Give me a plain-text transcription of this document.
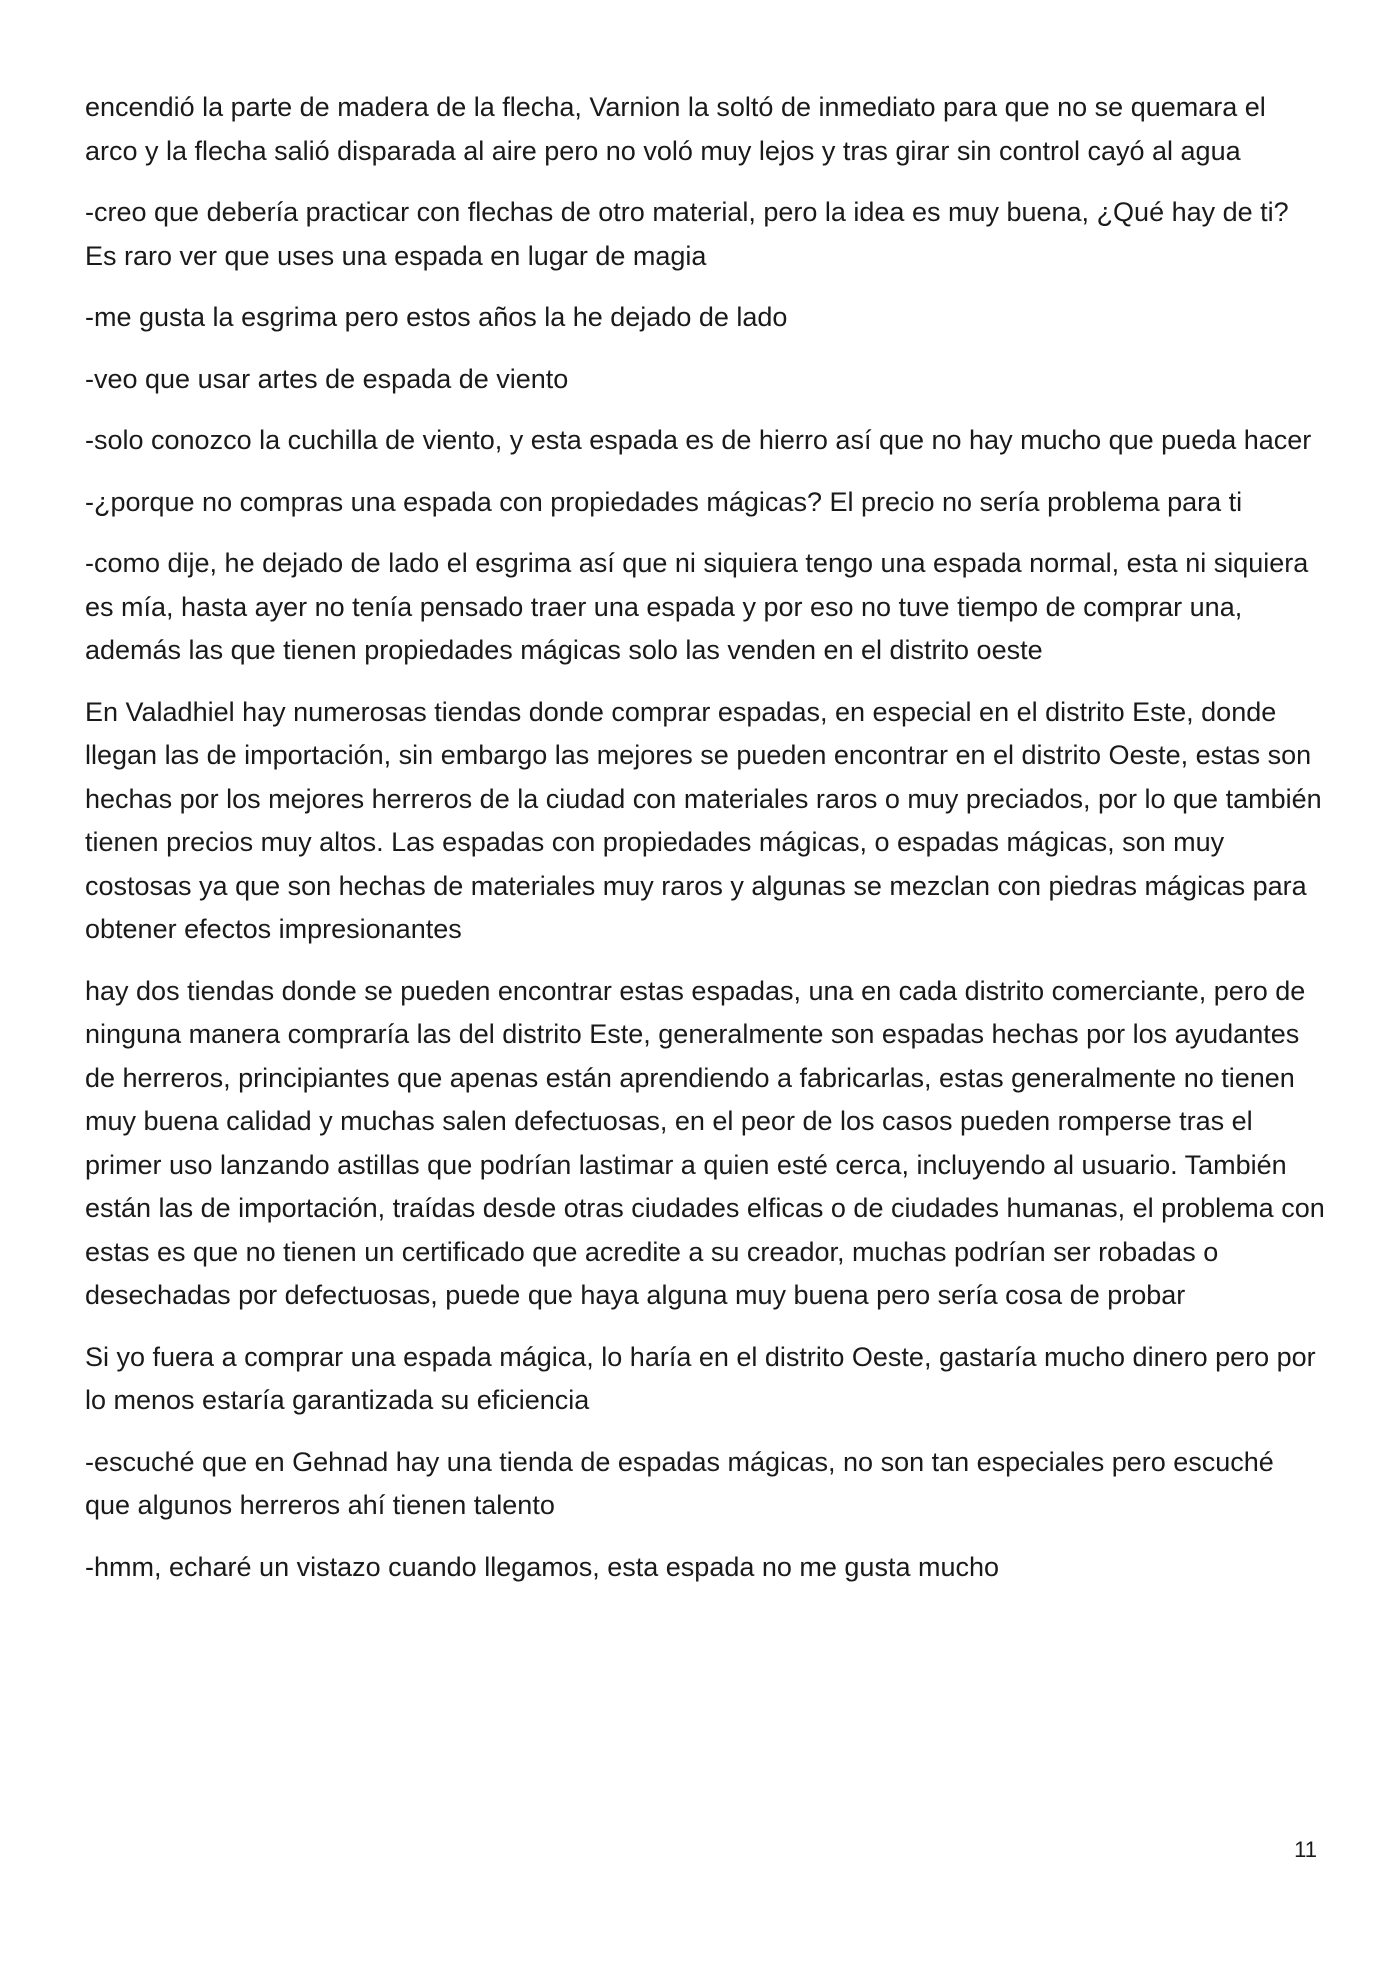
encendió la parte de madera de la flecha, Varnion la soltó de inmediato para que no se quemara el arco y la flecha salió disparada al aire pero no voló muy lejos y tras girar sin control cayó al agua

-creo que debería practicar con flechas de otro material, pero la idea es muy buena, ¿Qué hay de ti? Es raro ver que uses una espada en lugar de magia

-me gusta la esgrima pero estos años la he dejado de lado

-veo que usar artes de espada de viento

-solo conozco la cuchilla de viento, y esta espada es de hierro así que no hay mucho que pueda hacer

-¿porque no compras una espada con propiedades mágicas? El precio no sería problema para ti

-como dije, he dejado de lado el esgrima así que ni siquiera tengo una espada normal, esta ni siquiera es mía, hasta ayer no tenía pensado traer una espada y por eso no tuve tiempo de comprar una, además las que tienen propiedades mágicas solo las venden en el distrito oeste

En Valadhiel hay numerosas tiendas donde comprar espadas, en especial en el distrito Este, donde llegan las de importación, sin embargo las mejores se pueden encontrar en el distrito Oeste, estas son hechas por los mejores herreros de la ciudad con materiales raros o muy preciados, por lo que también tienen precios muy altos. Las espadas con propiedades mágicas, o espadas mágicas, son muy costosas ya que son hechas de materiales muy raros y algunas se mezclan con piedras mágicas para obtener efectos impresionantes

hay dos tiendas donde se pueden encontrar estas espadas, una en cada distrito comerciante, pero de ninguna manera compraría las del distrito Este, generalmente son espadas hechas por los ayudantes de herreros, principiantes que apenas están aprendiendo a fabricarlas, estas generalmente no tienen muy buena calidad y muchas salen defectuosas, en el peor de los casos pueden romperse tras el primer uso lanzando astillas que podrían lastimar a quien esté cerca, incluyendo al usuario. También están las de importación, traídas desde otras ciudades elficas o de ciudades humanas, el problema con estas es que no tienen un certificado que acredite a su creador, muchas podrían ser robadas o desechadas por defectuosas, puede que haya alguna muy buena pero sería cosa de probar

Si yo fuera a comprar una espada mágica, lo haría en el distrito Oeste, gastaría mucho dinero pero por lo menos estaría garantizada su eficiencia

-escuché que en Gehnad hay una tienda de espadas mágicas, no son tan especiales pero escuché que algunos herreros ahí tienen talento

-hmm, echaré un vistazo cuando llegamos, esta espada no me gusta mucho

11
